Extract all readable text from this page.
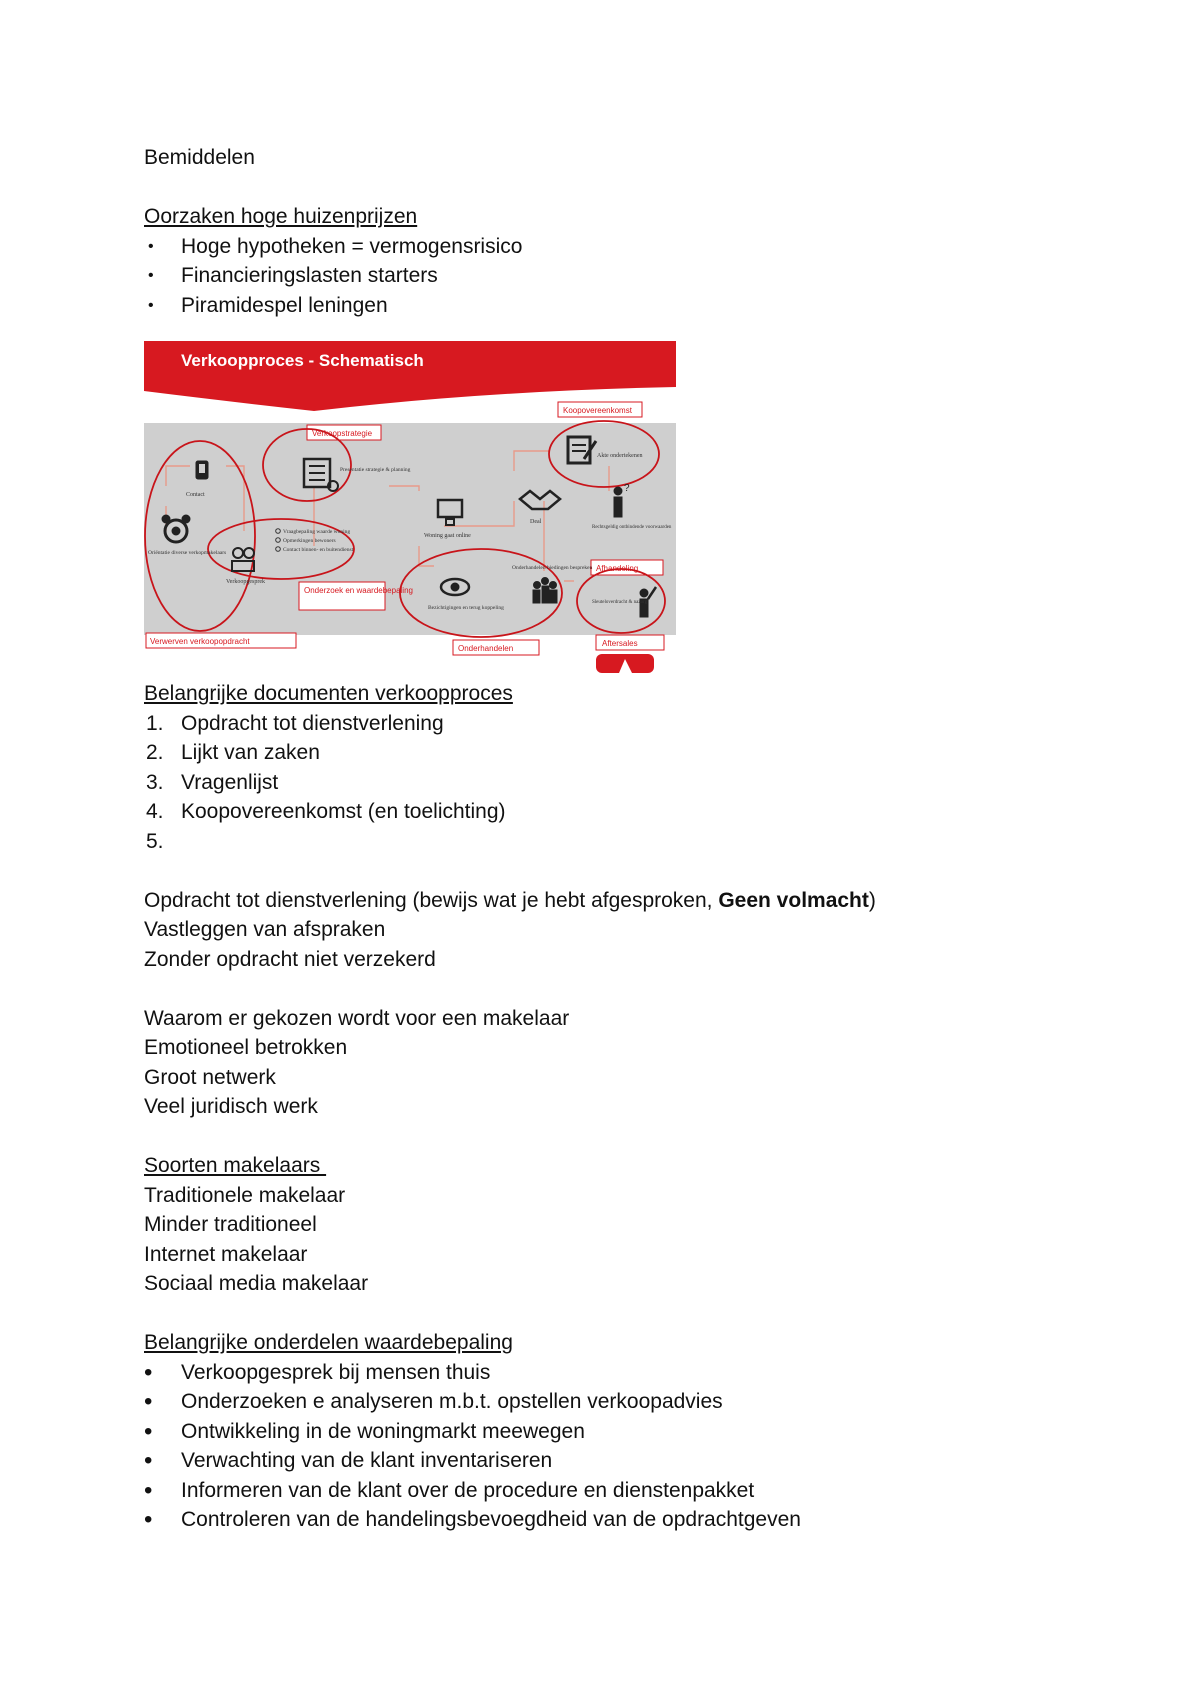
Bemiddelen

Oorzaken hoge huizenprijzen

• Hoge hypotheken = vermogensrisico
• Financieringslasten starters
• Piramidespel leningen
Verkoopproces - Schematisch
Koopovereenkomst
Verkoopstrategie
Afhandeling
Onderzoek en waardebepaling
Verwerven verkoopopdracht
Onderhandelen
Aftersales
?
Contact
Oriëntatie diverse verkopmakelaars
Verkoopgesprek
Presentatie strategie & planning
Vraagbepaling waarde woning
Opmerkingen bewoners
Contact binnen- en buitendienst
Woning gaat online
Deal
Akte ondertekenen
Rechtsgeldig ontbindende voorwaarden
Bezichtigingen en terug koppeling
Onderhandelen biedingen bespreken
Sleuteloverdracht & nazorg

Belangrijke documenten verkoopproces

1. Opdracht tot dienstverlening
2. Lijkt van zaken
3. Vragenlijst
4. Koopovereenkomst (en toelichting)
5.

Opdracht tot dienstverlening (bewijs wat je hebt afgesproken, Geen volmacht)

Vastleggen van afspraken

Zonder opdracht niet verzekerd

Waarom er gekozen wordt voor een makelaar

Emotioneel betrokken

Groot netwerk

Veel juridisch werk

Soorten makelaars

Traditionele makelaar

Minder traditioneel

Internet makelaar

Sociaal media makelaar

Belangrijke onderdelen waardebepaling

• Verkoopgesprek bij mensen thuis
• Onderzoeken e analyseren m.b.t. opstellen verkoopadvies
• Ontwikkeling in de woningmarkt meewegen
• Verwachting van de klant inventariseren
• Informeren van de klant over de procedure en dienstenpakket
• Controleren van de handelingsbevoegdheid van de opdrachtgeven
